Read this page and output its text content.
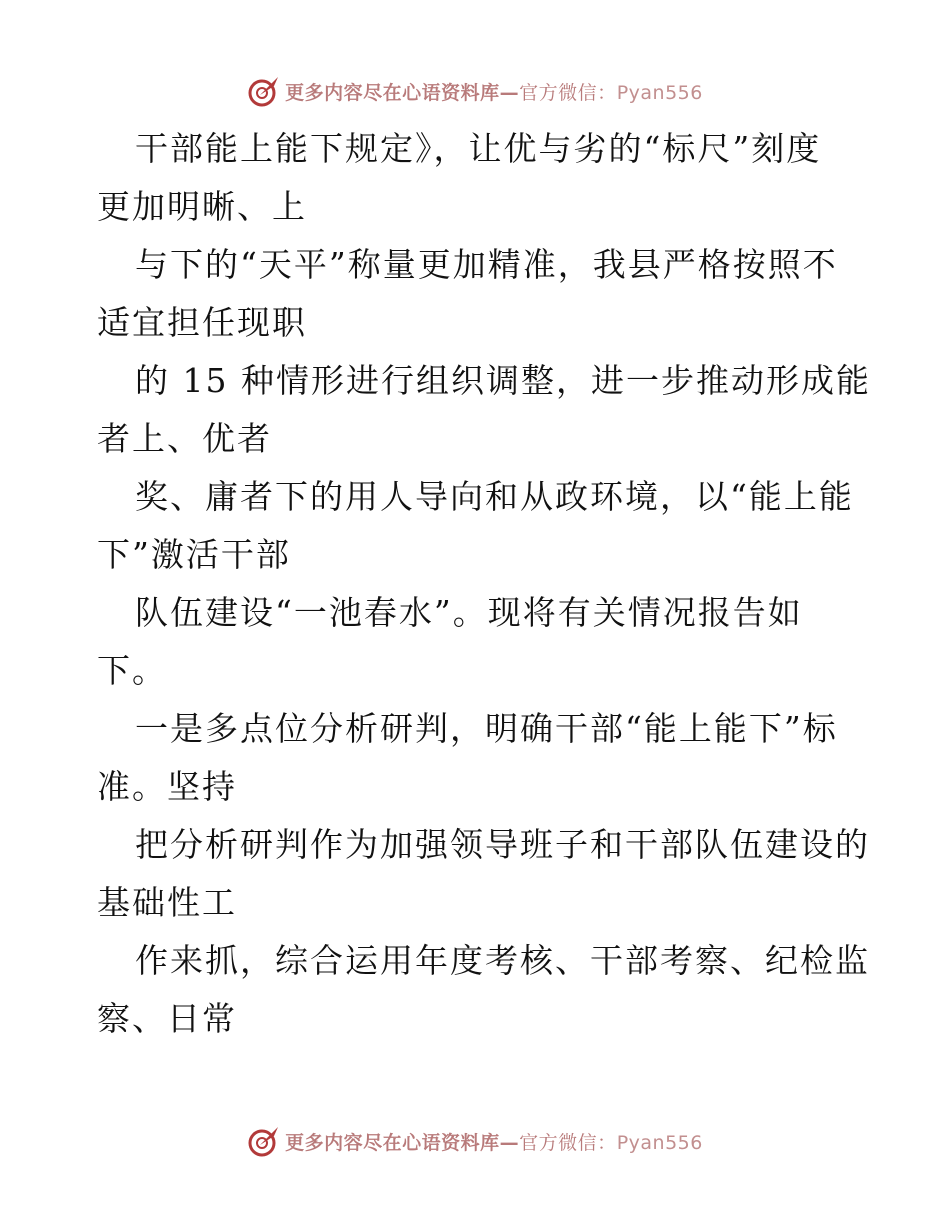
更多内容尽在心语资料库—官方微信：Pyan556
干部能上能下规定》，让优与劣的“标尺”刻度
更加明晰、上
与下的“天平”称量更加精准，我县严格按照不
适宜担任现职
的 15 种情形进行组织调整，进一步推动形成能
者上、优者
奖、庸者下的用人导向和从政环境，以“能上能
下”激活干部
队伍建设“一池春水”。现将有关情况报告如
下。
一是多点位分析研判，明确干部“能上能下”标
准。坚持
把分析研判作为加强领导班子和干部队伍建设的
基础性工
作来抓，综合运用年度考核、干部考察、纪检监
察、日常
更多内容尽在心语资料库—官方微信：Pyan556
